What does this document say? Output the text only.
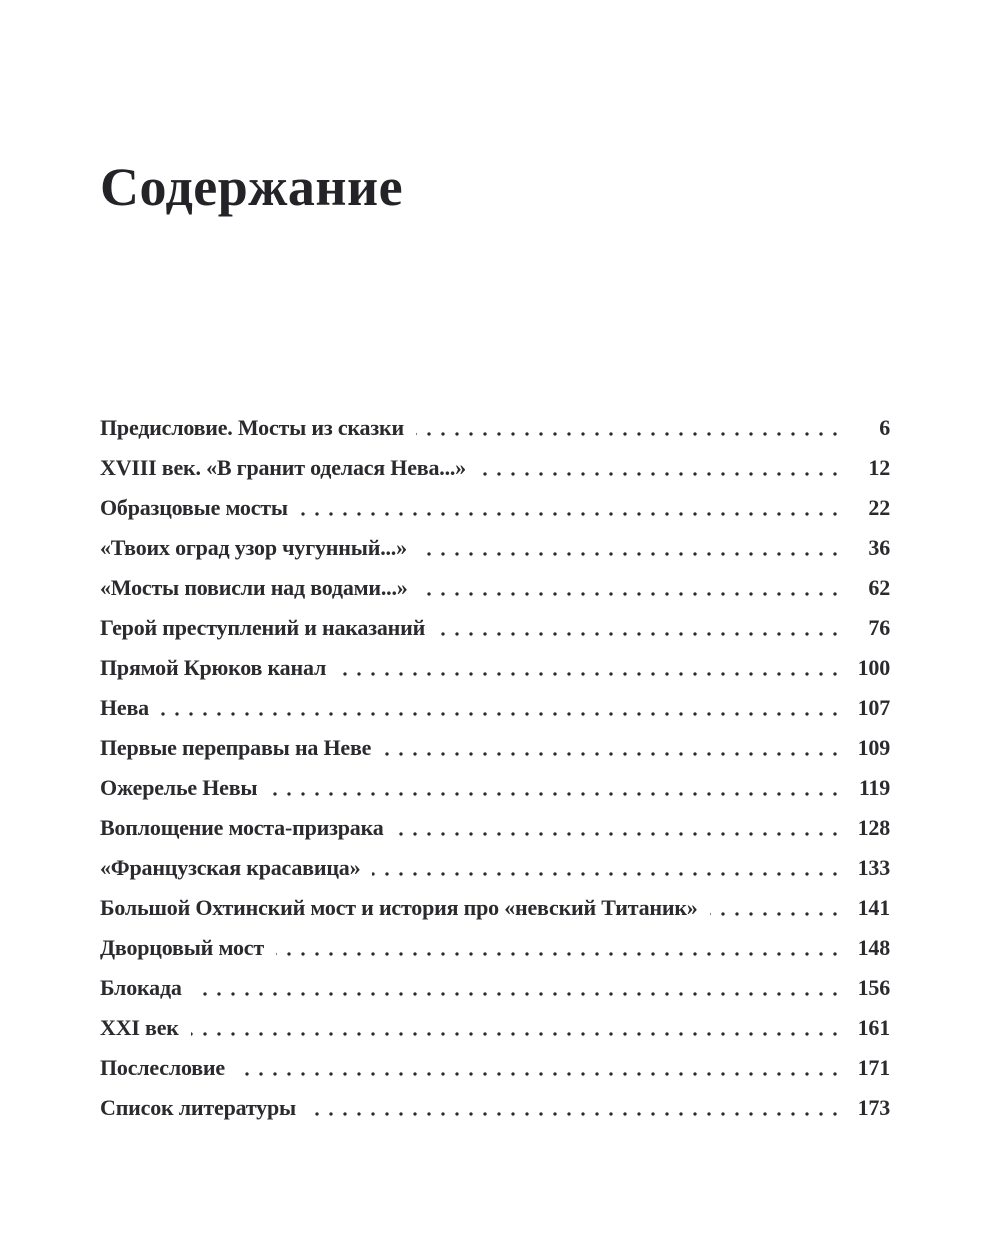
Содержание
Предисловие. Мосты из сказки	6
XVIII век. «В гранит оделася Нева...»	12
Образцовые мосты	22
«Твоих оград узор чугунный...»	36
«Мосты повисли над водами...»	62
Герой преступлений и наказаний	76
Прямой Крюков канал	100
Нева	107
Первые переправы на Неве	109
Ожерелье Невы	119
Воплощение моста-призрака	128
«Французская красавица»	133
Большой Охтинский мост и история про «невский Титаник»	141
Дворцовый мост	148
Блокада	156
XXI век	161
Послесловие	171
Список литературы	173
